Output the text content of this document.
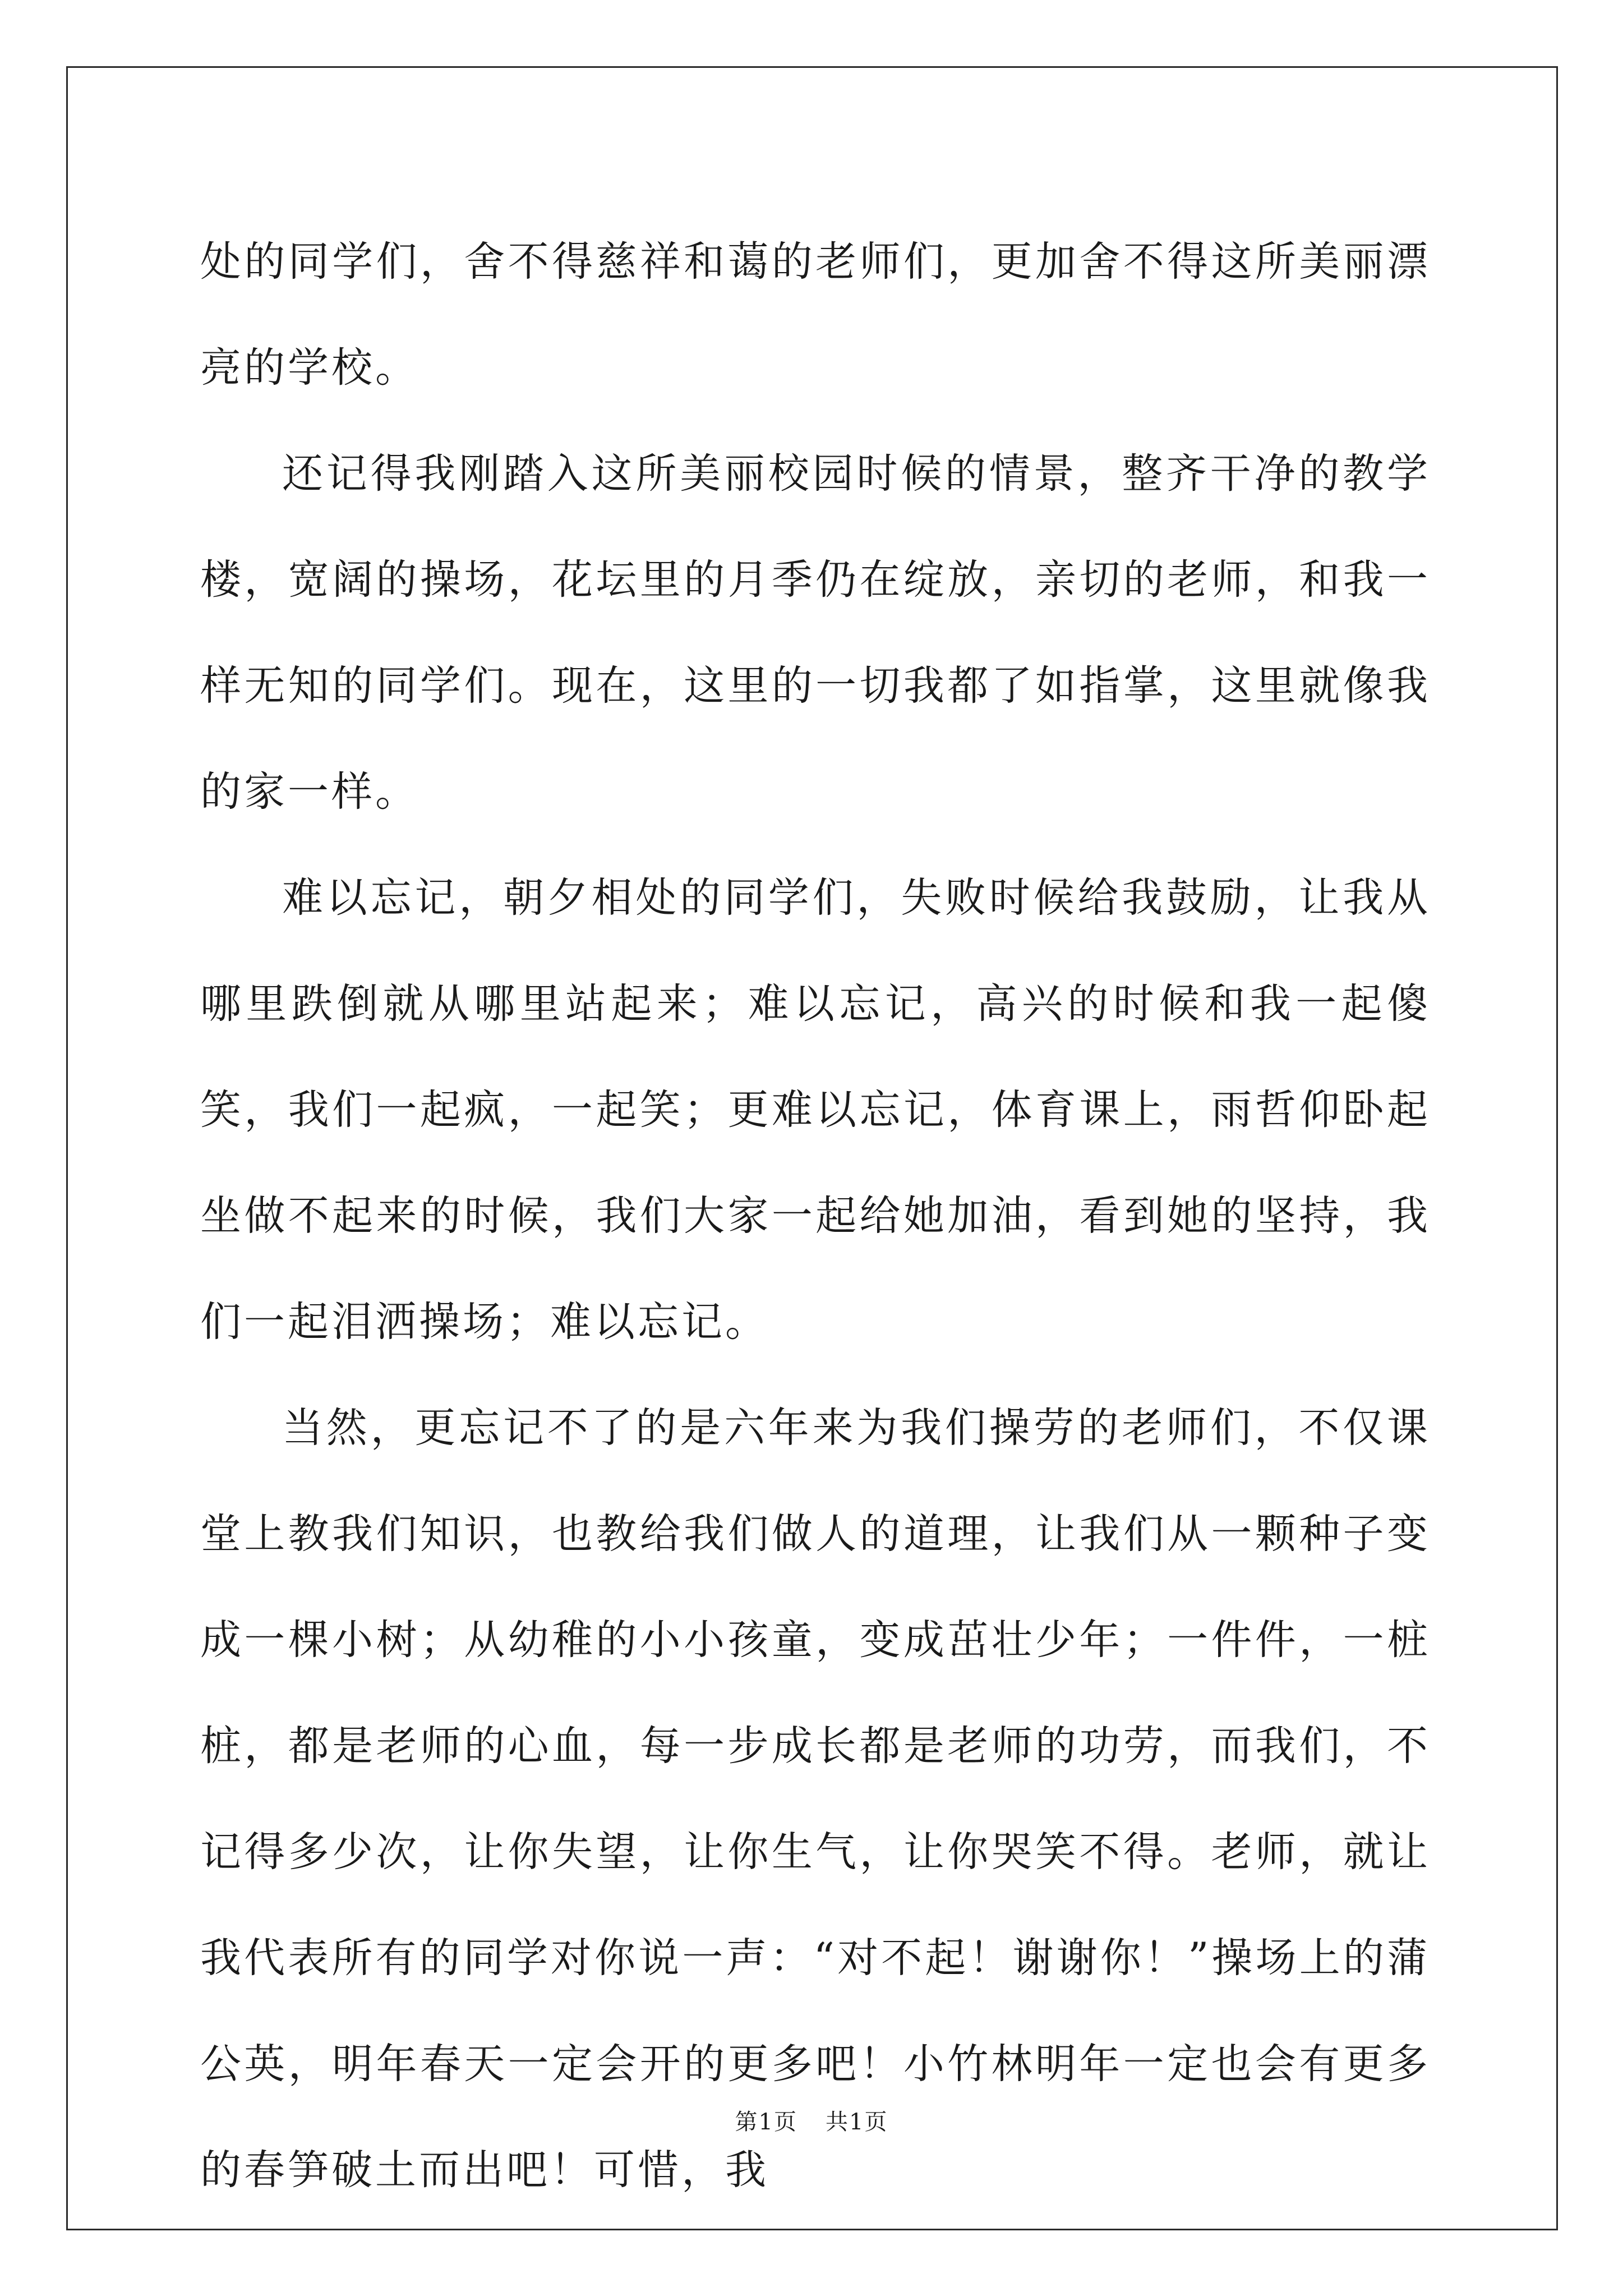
处的同学们，舍不得慈祥和蔼的老师们，更加舍不得这所美丽漂亮的学校。

还记得我刚踏入这所美丽校园时候的情景，整齐干净的教学楼，宽阔的操场，花坛里的月季仍在绽放，亲切的老师，和我一样无知的同学们。现在，这里的一切我都了如指掌，这里就像我的家一样。

难以忘记，朝夕相处的同学们，失败时候给我鼓励，让我从哪里跌倒就从哪里站起来；难以忘记，高兴的时候和我一起傻笑，我们一起疯，一起笑；更难以忘记，体育课上，雨哲仰卧起坐做不起来的时候，我们大家一起给她加油，看到她的坚持，我们一起泪洒操场；难以忘记。

当然，更忘记不了的是六年来为我们操劳的老师们，不仅课堂上教我们知识，也教给我们做人的道理，让我们从一颗种子变成一棵小树；从幼稚的小小孩童，变成茁壮少年；一件件，一桩桩，都是老师的心血，每一步成长都是老师的功劳，而我们，不记得多少次，让你失望，让你生气，让你哭笑不得。老师，就让我代表所有的同学对你说一声：“对不起！谢谢你！”操场上的蒲公英，明年春天一定会开的更多吧！小竹林明年一定也会有更多的春笋破土而出吧！可惜，我

第1页 共1页
